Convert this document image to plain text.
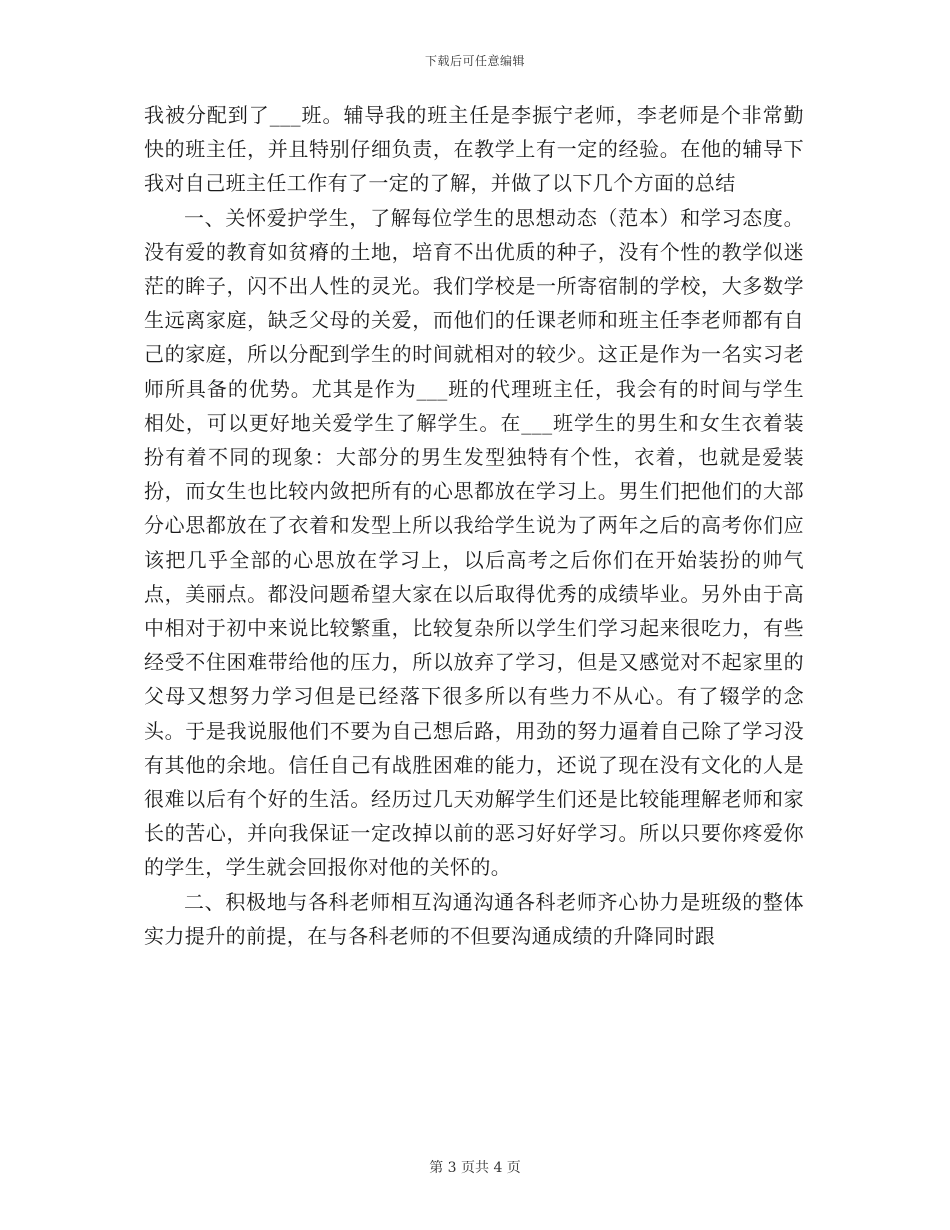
下载后可任意编辑

我被分配到了___班。辅导我的班主任是李振宁老师，李老师是个非常勤快的班主任，并且特别仔细负责，在教学上有一定的经验。在他的辅导下我对自己班主任工作有了一定的了解，并做了以下几个方面的总结

一、关怀爱护学生，了解每位学生的思想动态（范本）和学习态度。没有爱的教育如贫瘠的土地，培育不出优质的种子，没有个性的教学似迷茫的眸子，闪不出人性的灵光。我们学校是一所寄宿制的学校，大多数学生远离家庭，缺乏父母的关爱，而他们的任课老师和班主任李老师都有自己的家庭，所以分配到学生的时间就相对的较少。这正是作为一名实习老师所具备的优势。尤其是作为___班的代理班主任，我会有的时间与学生相处，可以更好地关爱学生了解学生。在___班学生的男生和女生衣着装扮有着不同的现象：大部分的男生发型独特有个性，衣着，也就是爱装扮，而女生也比较内敛把所有的心思都放在学习上。男生们把他们的大部分心思都放在了衣着和发型上所以我给学生说为了两年之后的高考你们应该把几乎全部的心思放在学习上，以后高考之后你们在开始装扮的帅气点，美丽点。都没问题希望大家在以后取得优秀的成绩毕业。另外由于高中相对于初中来说比较繁重，比较复杂所以学生们学习起来很吃力，有些经受不住困难带给他的压力，所以放弃了学习，但是又感觉对不起家里的父母又想努力学习但是已经落下很多所以有些力不从心。有了辍学的念头。于是我说服他们不要为自己想后路，用劲的努力逼着自己除了学习没有其他的余地。信任自己有战胜困难的能力，还说了现在没有文化的人是很难以后有个好的生活。经历过几天劝解学生们还是比较能理解老师和家长的苦心，并向我保证一定改掉以前的恶习好好学习。所以只要你疼爱你的学生，学生就会回报你对他的关怀的。

二、积极地与各科老师相互沟通沟通各科老师齐心协力是班级的整体实力提升的前提，在与各科老师的不但要沟通成绩的升降同时跟

第 3 页共 4 页
